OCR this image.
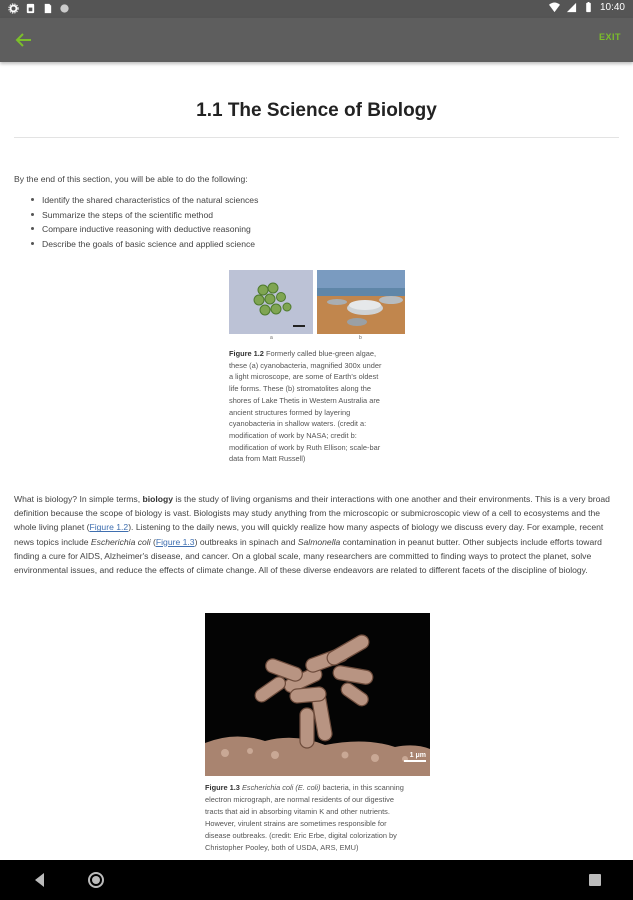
10:40
EXIT
1.1 The Science of Biology
By the end of this section, you will be able to do the following:
Identify the shared characteristics of the natural sciences
Summarize the steps of the scientific method
Compare inductive reasoning with deductive reasoning
Describe the goals of basic science and applied science
a	b
Figure 1.2 Formerly called blue-green algae,
these (a) cyanobacteria, magnified 300x under
a light microscope, are some of Earth's oldest
life forms. These (b) stromatolites along the
shores of Lake Thetis in Western Australia are
ancient structures formed by layering
cyanobacteria in shallow waters. (credit a:
modification of work by NASA; credit b:
modification of work by Ruth Ellison; scale-bar
data from Matt Russell)

What is biology? In simple terms, biology is the study of living organisms and their interactions with one another and their environments. This is a very broad definition because the scope of biology is vast. Biologists may study anything from the microscopic or submicroscopic view of a cell to ecosystems and the whole living planet (Figure 1.2). Listening to the daily news, you will quickly realize how many aspects of biology we discuss every day. For example, recent news topics include Escherichia coli (Figure 1.3) outbreaks in spinach and Salmonella contamination in peanut butter. Other subjects include efforts toward finding a cure for AIDS, Alzheimer's disease, and cancer. On a global scale, many researchers are committed to finding ways to protect the planet, solve environmental issues, and reduce the effects of climate change. All of these diverse endeavors are related to different facets of the discipline of biology.

1 μm
Figure 1.3 Escherichia coli (E. coli) bacteria, in this scanning
electron micrograph, are normal residents of our digestive
tracts that aid in absorbing vitamin K and other nutrients.
However, virulent strains are sometimes responsible for
disease outbreaks. (credit: Eric Erbe, digital colorization by
Christopher Pooley, both of USDA, ARS, EMU)
